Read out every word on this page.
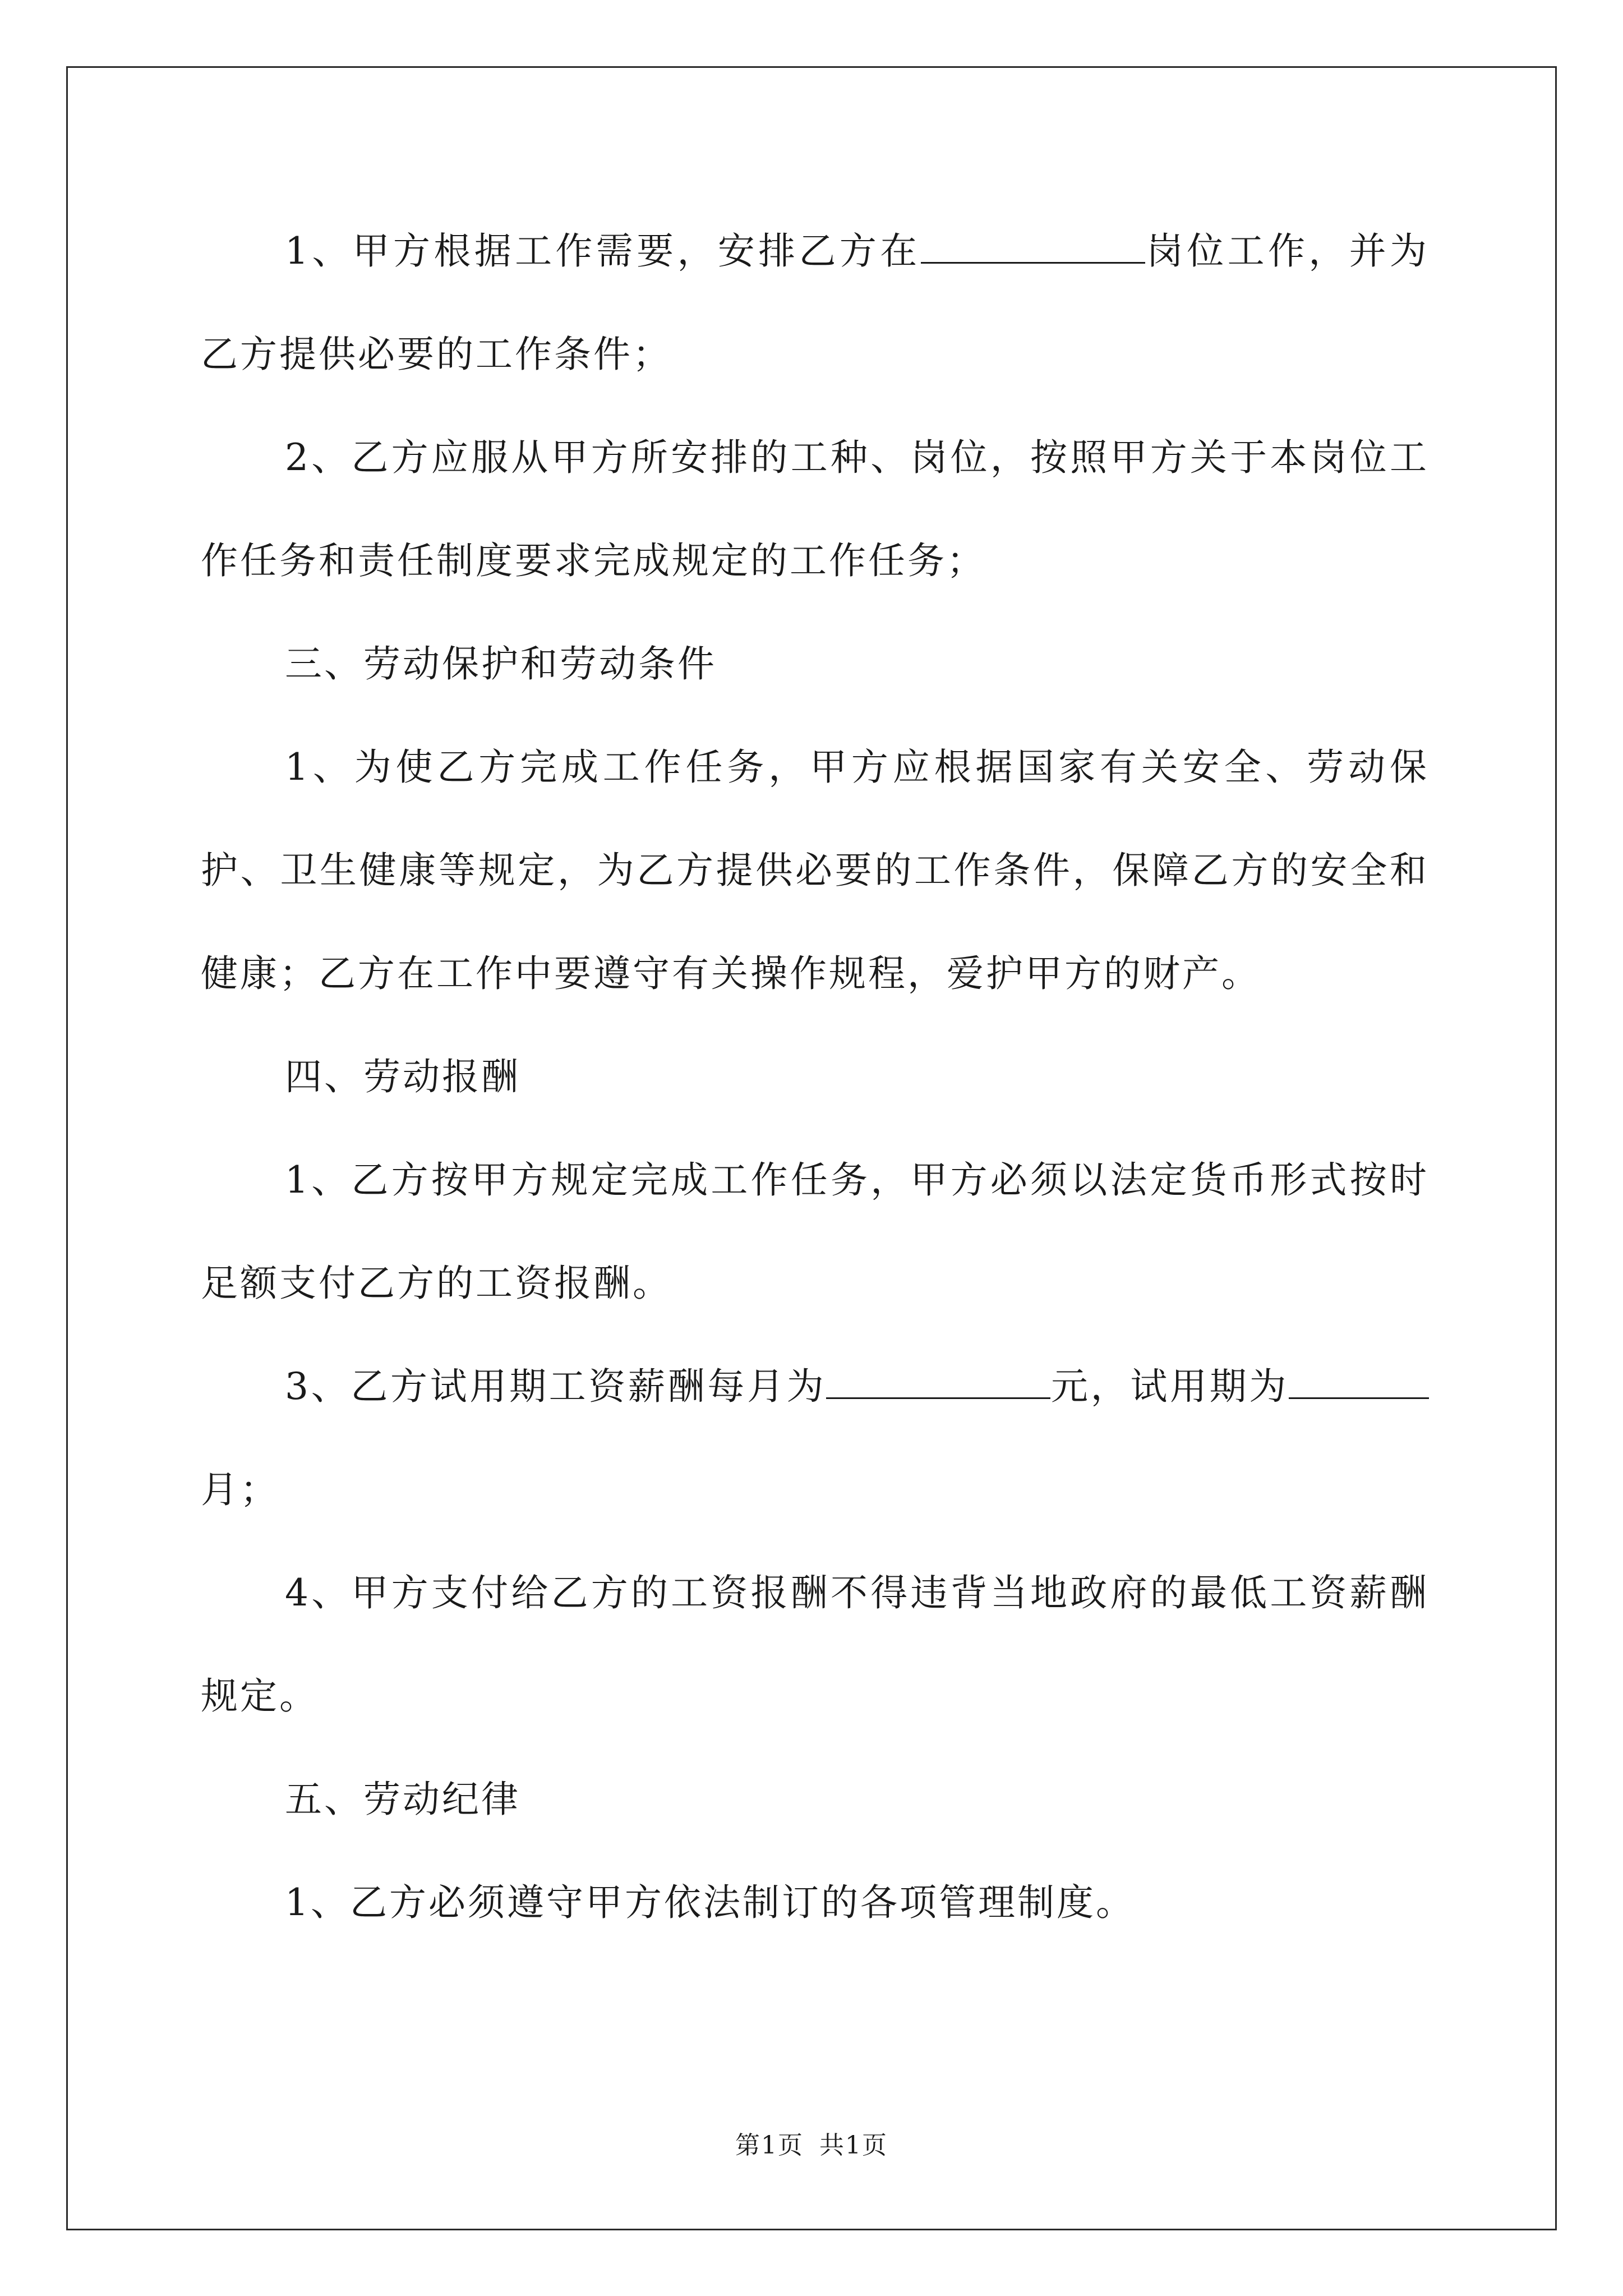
1、甲方根据工作需要，安排乙方在	岗位工作，并为乙方提供必要的工作条件；
2、乙方应服从甲方所安排的工种、岗位，按照甲方关于本岗位工作任务和责任制度要求完成规定的工作任务；
三、劳动保护和劳动条件
1、为使乙方完成工作任务，甲方应根据国家有关安全、劳动保护、卫生健康等规定，为乙方提供必要的工作条件，保障乙方的安全和健康；乙方在工作中要遵守有关操作规程，爱护甲方的财产。
四、劳动报酬
1、乙方按甲方规定完成工作任务，甲方必须以法定货币形式按时足额支付乙方的工资报酬。
3、乙方试用期工资薪酬每月为	元，试用期为月；
4、甲方支付给乙方的工资报酬不得违背当地政府的最低工资薪酬规定。
五、劳动纪律
1、乙方必须遵守甲方依法制订的各项管理制度。
第1页 共1页
